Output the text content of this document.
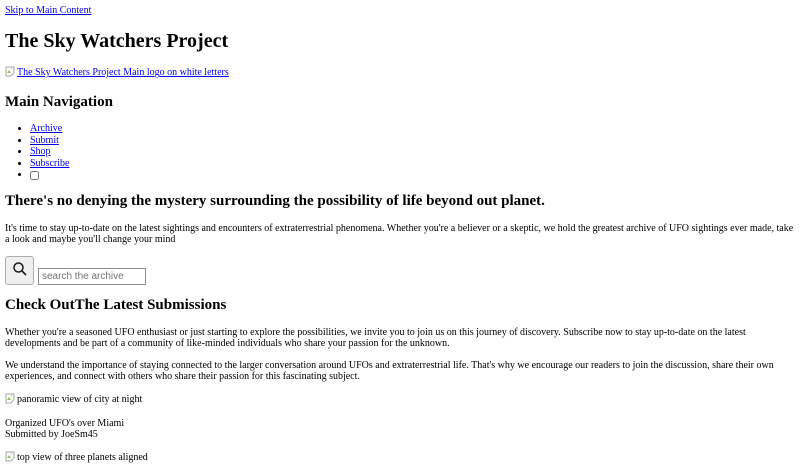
Skip to Main Content
The Sky Watchers Project
The Sky Watchers Project Main logo on white letters
Main Navigation
• Archive
• Submit
• Shop
• Subscribe
•
There's no denying the mystery surrounding the possibility of life beyond out planet.

It's time to stay up-to-date on the latest sightings and encounters of extraterrestrial phenomena. Whether you're a believer or a skeptic, we hold the greatest archive of UFO sightings ever made, take a look and maybe you'll change your mind

search the archive
Check OutThe Latest Submissions

Whether you're a seasoned UFO enthusiast or just starting to explore the possibilities, we invite you to join us on this journey of discovery. Subscribe now to stay up-to-date on the latest developments and be part of a community of like-minded individuals who share your passion for the unknown.

We understand the importance of staying connected to the larger conversation around UFOs and extraterrestrial life. That's why we encourage our readers to join the discussion, share their own experiences, and connect with others who share their passion for this fascinating subject.

panoramic view of city at night

Organized UFO's over Miami
Submitted by JoeSm45

top view of three planets aligned
